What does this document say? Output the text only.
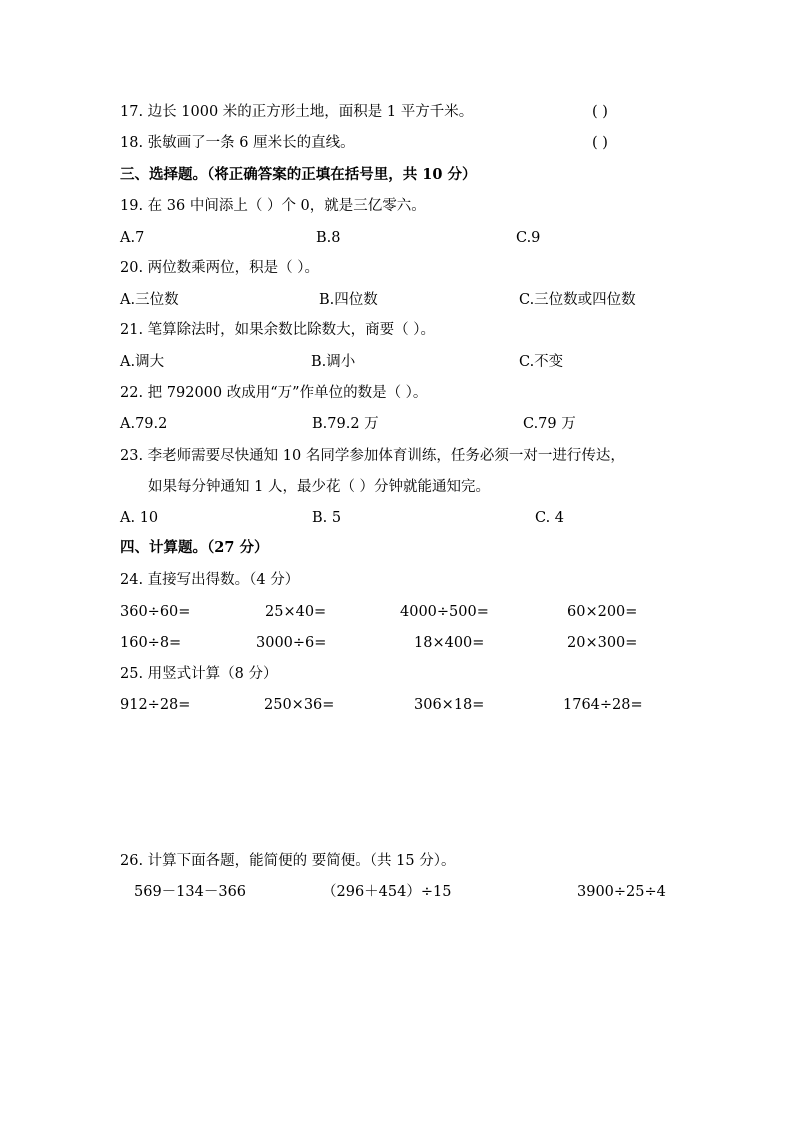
17. 边长 1000 米的正方形土地，面积是 1 平方千米。	( )
18. 张敏画了一条 6 厘米长的直线。	( )
三、选择题。（将正确答案的正填在括号里，共 10 分）
19. 在 36 中间添上（ ）个 0，就是三亿零六。
A.7	B.8	C.9
20. 两位数乘两位，积是（ ）。
A.三位数	B.四位数	C.三位数或四位数
21. 笔算除法时，如果余数比除数大，商要（ ）。
A.调大	B.调小	C.不变
22. 把 792000 改成用“万”作单位的数是（ ）。
A.79.2	B.79.2 万	C.79 万
23. 李老师需要尽快通知 10 名同学参加体育训练，任务必须一对一进行传达，
如果每分钟通知 1 人，最少花（ ）分钟就能通知完。
A. 10	B. 5	C. 4
四、计算题。（27 分）
24. 直接写出得数。（4 分）
360÷60=	25×40=	4000÷500=	60×200=
160÷8=	3000÷6=	18×400=	20×300=
25. 用竖式计算（8 分）
912÷28=	250×36=	306×18=	1764÷28=
26. 计算下面各题，能简便的 要简便。（共 15 分）。
569－134－366	（296＋454）÷15	3900÷25÷4
